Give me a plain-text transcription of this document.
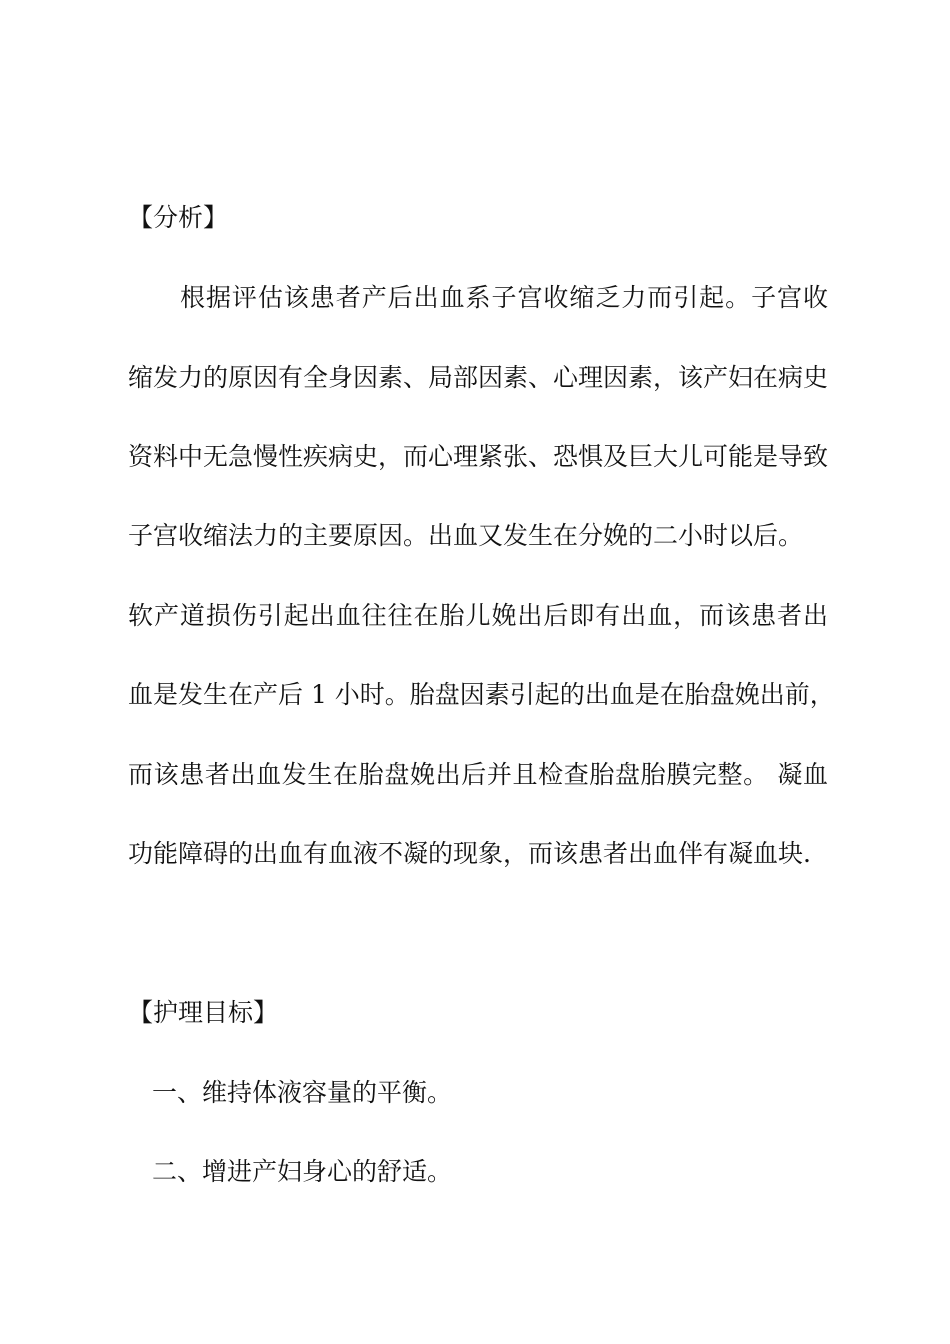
【分析】
根据评估该患者产后出血系子宫收缩乏力而引起。子宫收
缩发力的原因有全身因素、局部因素、心理因素，该产妇在病史
资料中无急慢性疾病史，而心理紧张、恐惧及巨大儿可能是导致
子宫收缩法力的主要原因。出血又发生在分娩的二小时以后。
软产道损伤引起出血往往在胎儿娩出后即有出血，而该患者出
血是发生在产后 1 小时。胎盘因素引起的出血是在胎盘娩出前，
而该患者出血发生在胎盘娩出后并且检查胎盘胎膜完整。 凝血
功能障碍的出血有血液不凝的现象，而该患者出血伴有凝血块.
【护理目标】
一、维持体液容量的平衡。
二、增进产妇身心的舒适。
